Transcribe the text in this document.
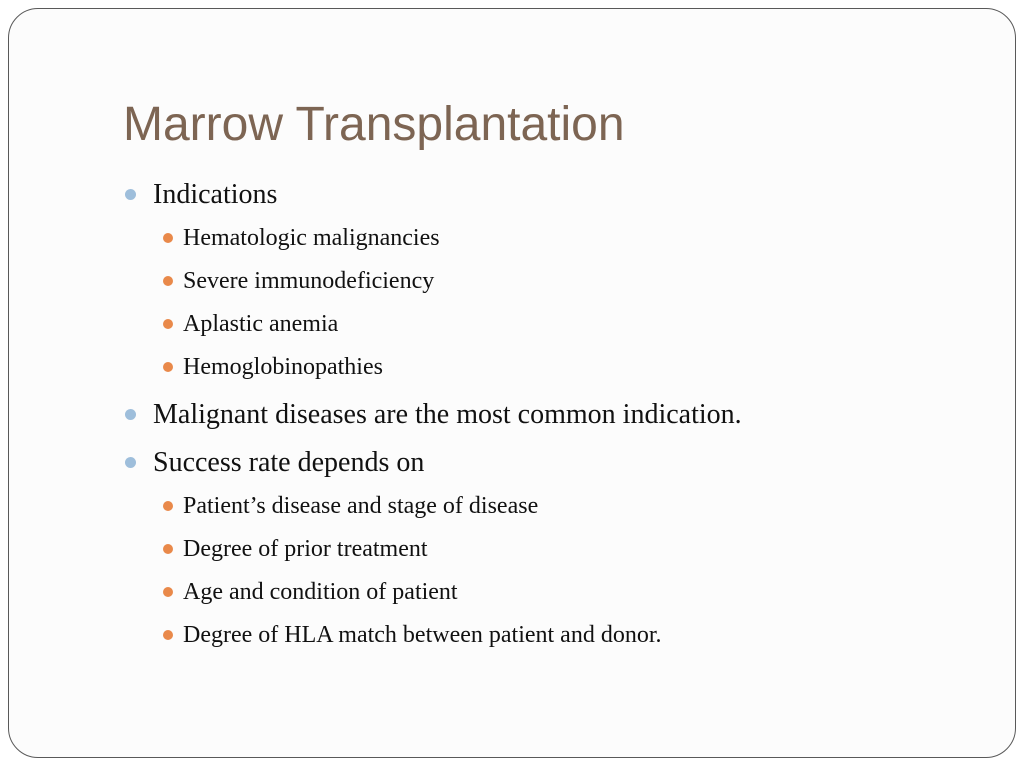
Marrow Transplantation
Indications
Hematologic malignancies
Severe immunodeficiency
Aplastic anemia
Hemoglobinopathies
Malignant diseases are the most common indication.
Success rate depends on
Patient’s disease and stage of disease
Degree of prior treatment
Age and condition of patient
Degree of HLA match between patient and donor.
